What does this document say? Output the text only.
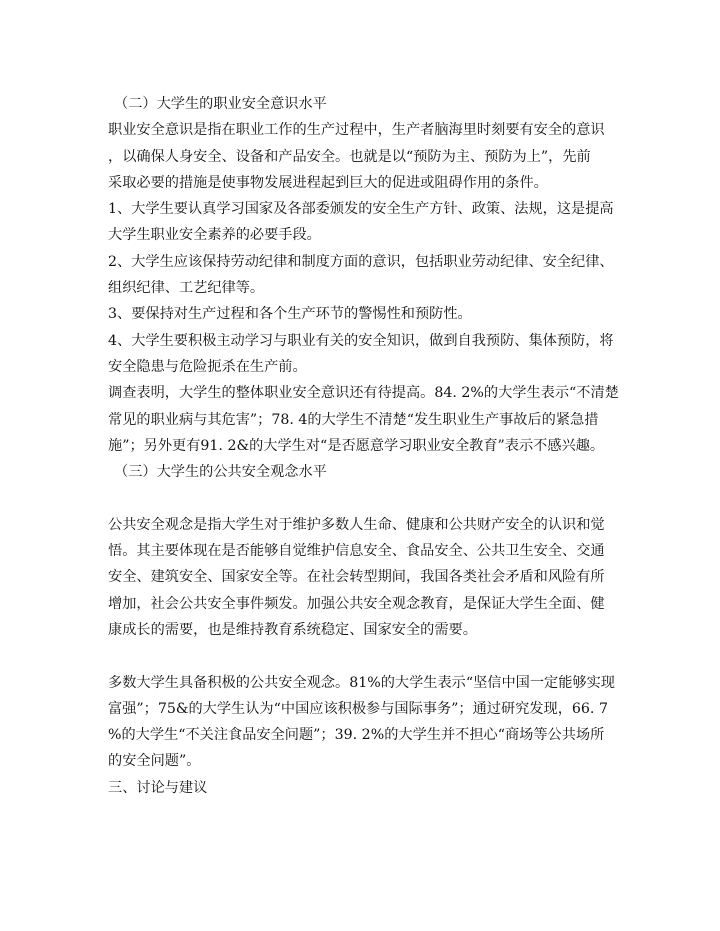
（二）大学生的职业安全意识水平
职业安全意识是指在职业工作的生产过程中，生产者脑海里时刻要有安全的意识
，以确保人身安全、设备和产品安全。也就是以“预防为主、预防为上”，先前
采取必要的措施是使事物发展进程起到巨大的促进或阻碍作用的条件。
1、大学生要认真学习国家及各部委颁发的安全生产方针、政策、法规，这是提高
大学生职业安全素养的必要手段。
2、大学生应该保持劳动纪律和制度方面的意识，包括职业劳动纪律、安全纪律、
组织纪律、工艺纪律等。
3、要保持对生产过程和各个生产环节的警惕性和预防性。
4、大学生要积极主动学习与职业有关的安全知识，做到自我预防、集体预防，将
安全隐患与危险扼杀在生产前。
调查表明，大学生的整体职业安全意识还有待提高。84. 2%的大学生表示“不清楚
常见的职业病与其危害”；78. 4的大学生不清楚“发生职业生产事故后的紧急措
施”；另外更有91. 2&的大学生对“是否愿意学习职业安全教育”表示不感兴趣。
（三）大学生的公共安全观念水平
公共安全观念是指大学生对于维护多数人生命、健康和公共财产安全的认识和觉
悟。其主要体现在是否能够自觉维护信息安全、食品安全、公共卫生安全、交通
安全、建筑安全、国家安全等。在社会转型期间，我国各类社会矛盾和风险有所
增加，社会公共安全事件频发。加强公共安全观念教育，是保证大学生全面、健
康成长的需要，也是维持教育系统稳定、国家安全的需要。
多数大学生具备积极的公共安全观念。81%的大学生表示“坚信中国一定能够实现
富强”；75&的大学生认为“中国应该积极参与国际事务”；通过研究发现，66. 7
%的大学生“不关注食品安全问题”；39. 2%的大学生并不担心“商场等公共场所
的安全问题”。
三、讨论与建议
